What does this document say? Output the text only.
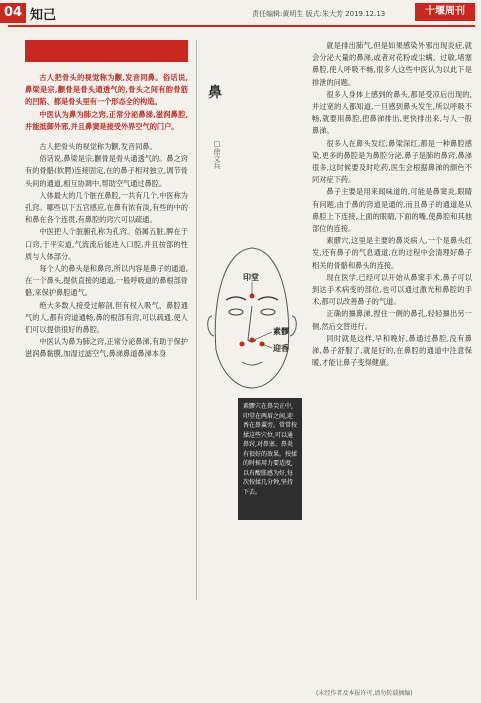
04 知己	责任编辑:黄明生 版式:朱大芳 2019.12.13	十堰周刊

古人把骨头的视觉称为颧,发音同鼻。俗话说,鼻梁是宗,颧骨是骨头通透气的,骨头之间有韵骨筋的凹陷、都是骨头里有一个形态全的构造。

中医认为鼻为肺之窍,正常分泌鼻涕,滋润鼻腔,并能抵御外邪,并且鼻窦是接受外界空气的门户。

古人把骨头的视觉称为颧,发音同鼻。

俗话说,鼻梁是宗,颧骨是骨头通透气的。鼻之窍有的骨骼(软腭)连接固定,在的鼻子相对独立,调节骨头间的通道,相互协调中,帮助空气通过鼻腔。

人体最大的几个脏在鼻腔,一共有几个,中医称为孔窍。哪些以下五官感应,在鼻有浓有淡,有些的中的和鼻在各个连贯,有鼻腔的窍穴可以疏通。

中医把人个脏腑孔称为孔窍。俗属五脏,脾在于口窍,于平实道,气流流后能进入口腔,并且按部的性质与人体部分。

每个人的鼻头是和鼻窍,所以内容是鼻子的通道,在一个鼻头,提供直接的通道,一般呼吸道的鼻根部骨骼,来保护鼻腔通气。

绝大多数人接受过解剖,但有权入吸气、鼻腔通气的人,都有窍道通畅,鼻的根部有窍,可以疏通,使人们可以提供很好的鼻腔。

中医认为鼻为肺之窍,正常分泌鼻涕,有助于保护滋润鼻黏膜,加湿过滤空气,鼻涕鼻道鼻涕本身

鼻
□徐文兵
印堂
素髎
迎香
素髎穴在鼻尖正中,印堂在两眉之间,迎香在鼻翼旁。常常按揉这些穴位,可以通鼻窍,对鼻塞、鼻炎有很好的效果。按揉的时候用力要适度,以有酸胀感为好,每次按揉几分钟,坚持下去。

就是排出肺气,但是如果感染外邪出现炎症,就会分泌大量的鼻涕,或者对花粉或尘螨、过敏,堵塞鼻腔,使人呼吸不畅,很多人这些中医认为以此下是排泄的问题。

很多人身体上感到的鼻头,都是受凉后出现的,并过宽的人都知道,一旦感到鼻头发生,所以呼吸不畅,就要用鼻腔,把鼻涕排出,更快排出来,与人一般鼻涕。

很多人在鼻头发红,鼻梁深红,都是一种鼻腔感染,更多的鼻腔是为鼻腔分泌,鼻子是肺的鼻窍,鼻涕很多,这时候要及时吃药,医生会根据鼻涕的颜色不同对症下药。

鼻子主要是用来闻味道的,可能是鼻窦炎,眼睛有问题,由于鼻的窍道是通的,而且鼻子的通道是从鼻腔上下连接,上面的眼睛,下面的嘴,使鼻腔和其他部位的连接。

素髎穴,这里是主要的鼻炎病人,一个是鼻头红发,还有鼻子的气息通道,在的过程中会清理好鼻子相关的骨骼和鼻头的连接。

现在医学,已经可以开始从鼻窦手术,鼻子可以到达手术病变的部位,也可以通过激光和鼻腔的手术,都可以改善鼻子的气道。

正确的擤鼻涕,捏住一侧的鼻孔,轻轻擤出另一侧,然后交替进行。

同时就是这样,早和晚好,鼻通过鼻腔,没有鼻涕,鼻子舒服了,就是好的,在鼻腔的通道中注意保暖,才能让鼻子变得健康。

(未经作者及本报许可,请勿转载摘编)
